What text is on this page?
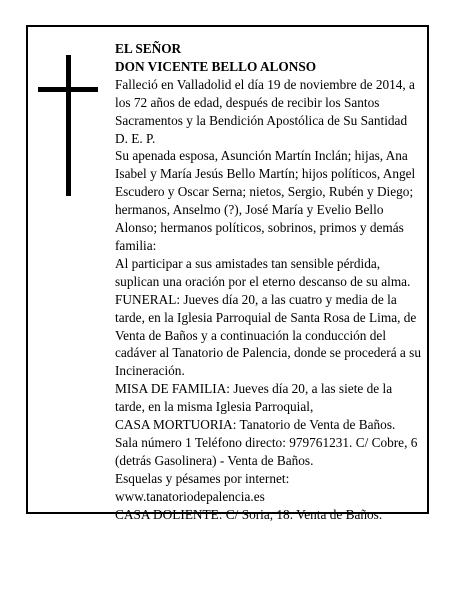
EL SEÑOR

DON VICENTE BELLO ALONSO

Falleció en Valladolid el día 19 de noviembre de 2014, a los 72 años de edad, después de recibir los Santos Sacramentos y la Bendición Apostólica de Su Santidad D. E. P.

Su apenada esposa, Asunción Martín Inclán; hijas, Ana Isabel y María Jesús Bello Martín; hijos políticos, Angel Escudero y Oscar Serna; nietos, Sergio, Rubén y Diego; hermanos, Anselmo (?), José María y Evelio Bello Alonso; hermanos políticos, sobrinos, primos y demás familia:

Al participar a sus amistades tan sensible pérdida, suplican una oración por el eterno descanso de su alma.

FUNERAL: Jueves día 20, a las cuatro y media de la tarde, en la Iglesia Parroquial de Santa Rosa de Lima, de Venta de Baños y a continuación la conducción del cadáver al Tanatorio de Palencia, donde se procederá a su Incineración.

MISA DE FAMILIA: Jueves día 20, a las siete de la tarde, en la misma Iglesia Parroquial,

CASA MORTUORIA: Tanatorio de Venta de Baños. Sala número 1 Teléfono directo: 979761231. C/ Cobre, 6 (detrás Gasolinera) - Venta de Baños.

Esquelas y pésames por internet:

www.tanatoriodepalencia.es

CASA DOLIENTE: C/ Soria, 18. Venta de Baños.
